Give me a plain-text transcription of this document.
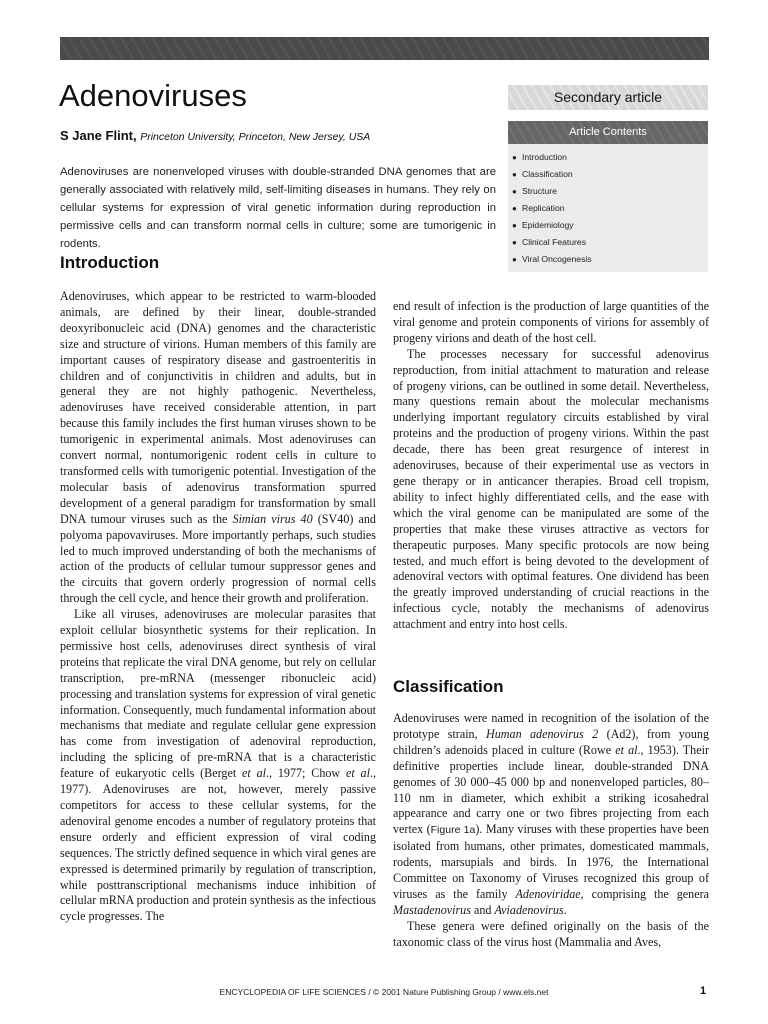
Adenoviruses
S Jane Flint, Princeton University, Princeton, New Jersey, USA
Adenoviruses are nonenveloped viruses with double-stranded DNA genomes that are generally associated with relatively mild, self-limiting diseases in humans. They rely on cellular systems for expression of viral genetic information during reproduction in permissive cells and can transform normal cells in culture; some are tumorigenic in rodents.
Secondary article
Article Contents
● Introduction
● Classification
● Structure
● Replication
● Epidemiology
● Clinical Features
● Viral Oncogenesis
Introduction

Adenoviruses, which appear to be restricted to warm-blooded animals, are defined by their linear, double-stranded deoxyribonucleic acid (DNA) genomes and the characteristic size and structure of virions. Human members of this family are important causes of respiratory disease and gastroenteritis in children and of conjunctivitis in children and adults, but in general they are not highly pathogenic. Nevertheless, adenoviruses have received considerable attention, in part because this family includes the first human viruses shown to be tumorigenic in experimental animals. Most adenoviruses can convert normal, nontumorigenic rodent cells in culture to transformed cells with tumorigenic potential. Investigation of the molecular basis of adenovirus transformation spurred development of a general paradigm for transformation by small DNA tumour viruses such as the Simian virus 40 (SV40) and polyoma papovaviruses. More importantly perhaps, such studies led to much improved understanding of both the mechanisms of action of the products of cellular tumour suppressor genes and the circuits that govern orderly progression of normal cells through the cell cycle, and hence their growth and proliferation.

Like all viruses, adenoviruses are molecular parasites that exploit cellular biosynthetic systems for their replication. In permissive host cells, adenoviruses direct synthesis of viral proteins that replicate the viral DNA genome, but rely on cellular transcription, pre-mRNA (messenger ribonucleic acid) processing and translation systems for expression of viral genetic information. Consequently, much fundamental information about mechanisms that mediate and regulate cellular gene expression has come from investigation of adenoviral reproduction, including the splicing of pre-mRNA that is a characteristic feature of eukaryotic cells (Berget et al., 1977; Chow et al., 1977). Adenoviruses are not, however, merely passive competitors for access to these cellular systems, for the adenoviral genome encodes a number of regulatory proteins that ensure orderly and efficient expression of viral coding sequences. The strictly defined sequence in which viral genes are expressed is determined primarily by regulation of transcription, while posttranscriptional mechanisms induce inhibition of cellular mRNA production and protein synthesis as the infectious cycle progresses. The

end result of infection is the production of large quantities of the viral genome and protein components of virions for assembly of progeny virions and death of the host cell.

The processes necessary for successful adenovirus reproduction, from initial attachment to maturation and release of progeny virions, can be outlined in some detail. Nevertheless, many questions remain about the molecular mechanisms underlying important regulatory circuits established by viral proteins and the production of progeny virions. Within the past decade, there has been great resurgence of interest in adenoviruses, because of their experimental use as vectors in gene therapy or in anticancer therapies. Broad cell tropism, ability to infect highly differentiated cells, and the ease with which the viral genome can be manipulated are some of the properties that make these viruses attractive as vectors for therapeutic purposes. Many specific protocols are now being tested, and much effort is being devoted to the development of adenoviral vectors with optimal features. One dividend has been the greatly improved understanding of crucial reactions in the infectious cycle, notably the mechanisms of adenovirus attachment and entry into host cells.

Classification

Adenoviruses were named in recognition of the isolation of the prototype strain, Human adenovirus 2 (Ad2), from young children’s adenoids placed in culture (Rowe et al., 1953). Their definitive properties include linear, double-stranded DNA genomes of 30 000–45 000 bp and nonenveloped particles, 80–110 nm in diameter, which exhibit a striking icosahedral appearance and carry one or two fibres projecting from each vertex (Figure 1a). Many viruses with these properties have been isolated from humans, other primates, domesticated mammals, rodents, marsupials and birds. In 1976, the International Committee on Taxonomy of Viruses recognized this group of viruses as the family Adenoviridae, comprising the genera Mastadenovirus and Aviadenovirus.

These genera were defined originally on the basis of the taxonomic class of the virus host (Mammalia and Aves,

ENCYCLOPEDIA OF LIFE SCIENCES / © 2001 Nature Publishing Group / www.els.net	1
